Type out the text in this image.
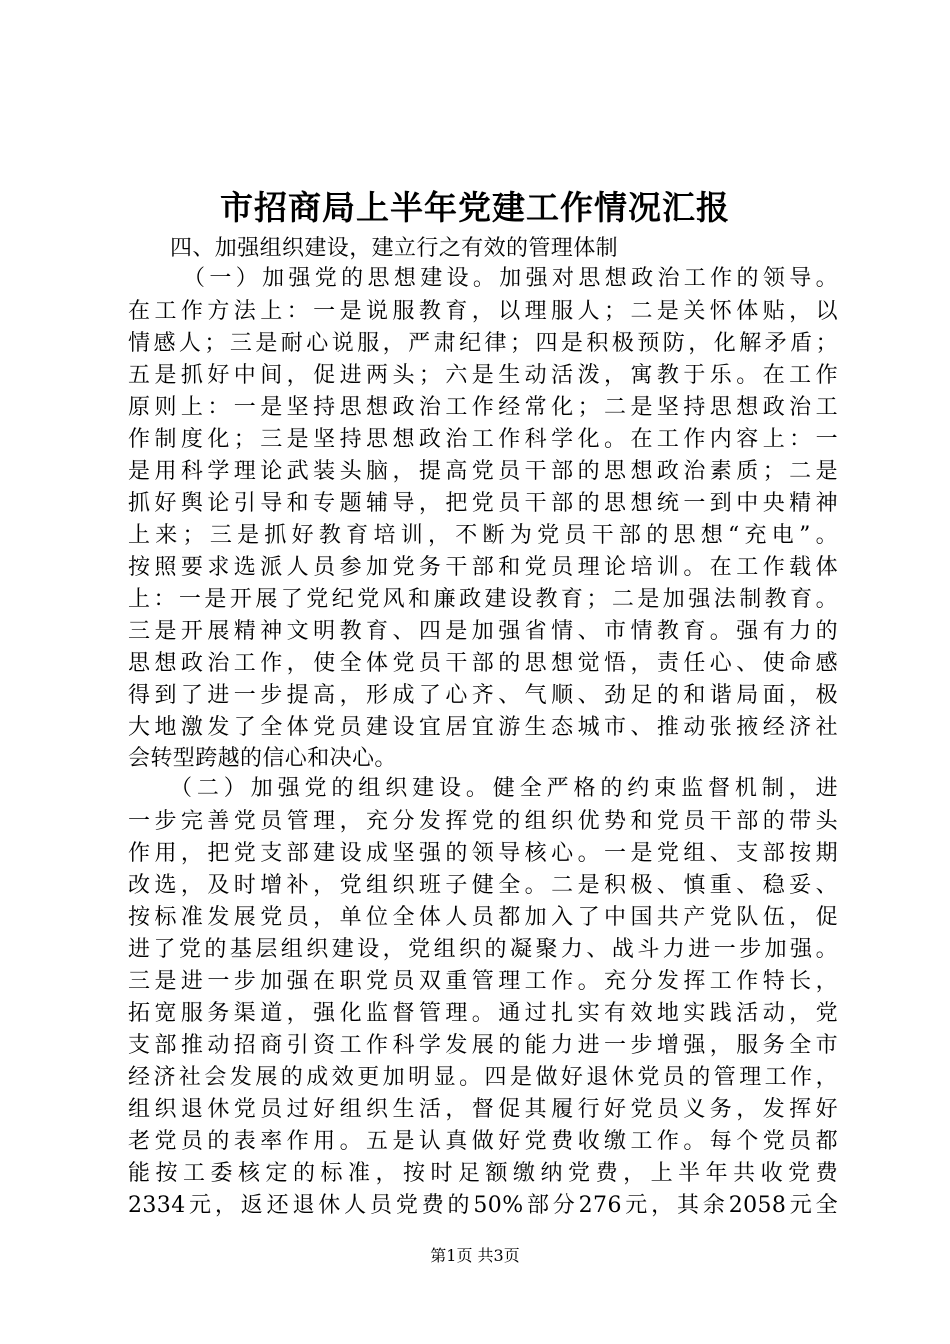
市招商局上半年党建工作情况汇报

四、加强组织建设，建立行之有效的管理体制

（一）加强党的思想建设。加强对思想政治工作的领导。

在工作方法上：一是说服教育，以理服人；二是关怀体贴，以

情感人；三是耐心说服，严肃纪律；四是积极预防，化解矛盾；

五是抓好中间，促进两头；六是生动活泼，寓教于乐。在工作

原则上：一是坚持思想政治工作经常化；二是坚持思想政治工

作制度化；三是坚持思想政治工作科学化。在工作内容上：一

是用科学理论武装头脑，提高党员干部的思想政治素质；二是

抓好舆论引导和专题辅导，把党员干部的思想统一到中央精神

上来；三是抓好教育培训，不断为党员干部的思想“充电”。

按照要求选派人员参加党务干部和党员理论培训。在工作载体

上：一是开展了党纪党风和廉政建设教育；二是加强法制教育。

三是开展精神文明教育、四是加强省情、市情教育。强有力的

思想政治工作，使全体党员干部的思想觉悟，责任心、使命感

得到了进一步提高，形成了心齐、气顺、劲足的和谐局面，极

大地激发了全体党员建设宜居宜游生态城市、推动张掖经济社

会转型跨越的信心和决心。

（二）加强党的组织建设。健全严格的约束监督机制，进

一步完善党员管理，充分发挥党的组织优势和党员干部的带头

作用，把党支部建设成坚强的领导核心。一是党组、支部按期

改选，及时增补，党组织班子健全。二是积极、慎重、稳妥、

按标准发展党员，单位全体人员都加入了中国共产党队伍，促

进了党的基层组织建设，党组织的凝聚力、战斗力进一步加强。

三是进一步加强在职党员双重管理工作。充分发挥工作特长，

拓宽服务渠道，强化监督管理。通过扎实有效地实践活动，党

支部推动招商引资工作科学发展的能力进一步增强，服务全市

经济社会发展的成效更加明显。四是做好退休党员的管理工作，

组织退休党员过好组织生活，督促其履行好党员义务，发挥好

老党员的表率作用。五是认真做好党费收缴工作。每个党员都

能按工委核定的标准，按时足额缴纳党费，上半年共收党费

2334元，返还退休人员党费的50%部分276元，其余2058元全

第1页 共3页
